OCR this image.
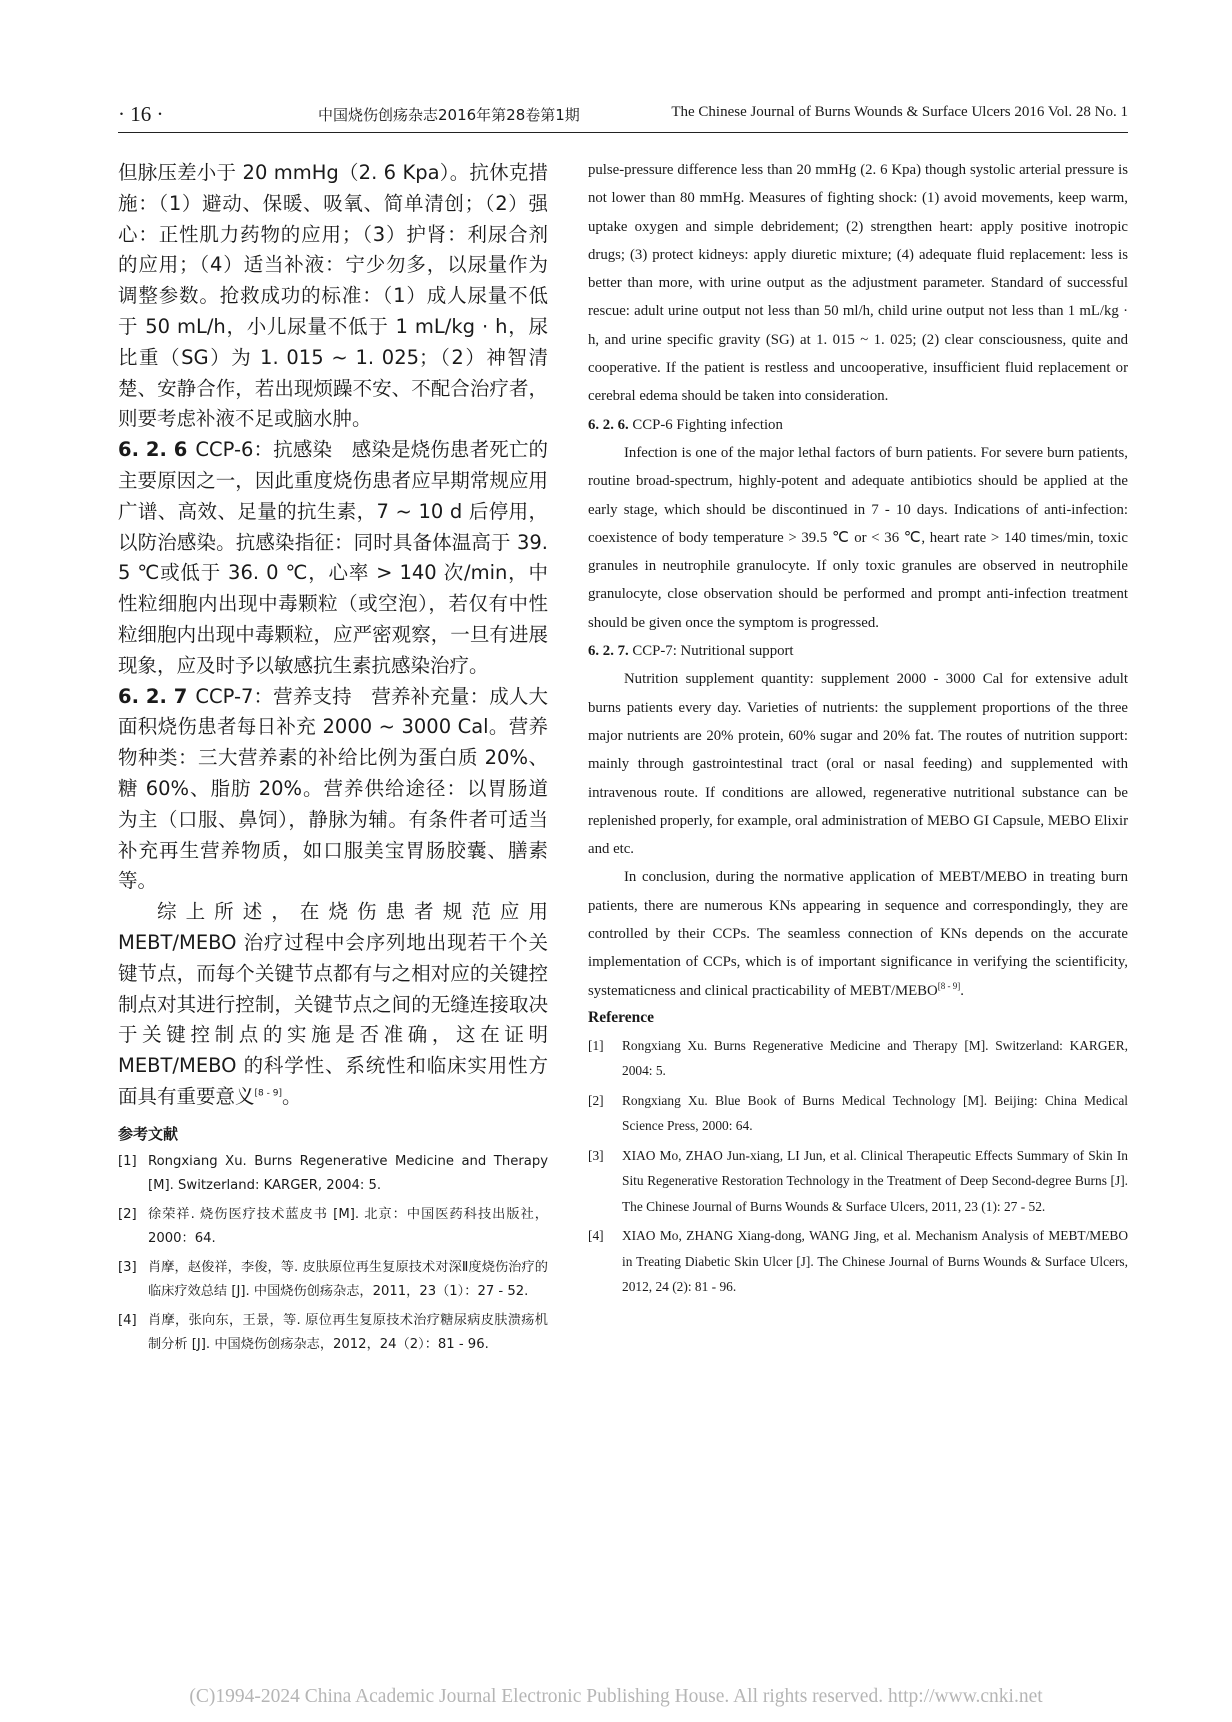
· 16 ·	中国烧伤创疡杂志2016年第28卷第1期	The Chinese Journal of Burns Wounds & Surface Ulcers 2016 Vol. 28 No. 1

但脉压差小于 20 mmHg（2. 6 Kpa）。抗休克措施：（1）避动、保暖、吸氧、简单清创；（2）强心：正性肌力药物的应用；（3）护肾：利尿合剂的应用；（4）适当补液：宁少勿多，以尿量作为调整参数。抢救成功的标准：（1）成人尿量不低于 50 mL/h，小儿尿量不低于 1 mL/kg · h，尿比重（SG）为 1. 015 ~ 1. 025；（2）神智清楚、安静合作，若出现烦躁不安、不配合治疗者，则要考虑补液不足或脑水肿。

6. 2. 6 CCP-6：抗感染　感染是烧伤患者死亡的主要原因之一，因此重度烧伤患者应早期常规应用广谱、高效、足量的抗生素，7 ~ 10 d 后停用，以防治感染。抗感染指征：同时具备体温高于 39. 5 ℃或低于 36. 0 ℃，心率 > 140 次/min，中性粒细胞内出现中毒颗粒（或空泡），若仅有中性粒细胞内出现中毒颗粒，应严密观察，一旦有进展现象，应及时予以敏感抗生素抗感染治疗。

6. 2. 7 CCP-7：营养支持　营养补充量：成人大面积烧伤患者每日补充 2000 ~ 3000 Cal。营养物种类：三大营养素的补给比例为蛋白质 20%、糖 60%、脂肪 20%。营养供给途径：以胃肠道为主（口服、鼻饲），静脉为辅。有条件者可适当补充再生营养物质，如口服美宝胃肠胶囊、膳素等。

综上所述，在烧伤患者规范应用 MEBT/MEBO 治疗过程中会序列地出现若干个关键节点，而每个关键节点都有与之相对应的关键控制点对其进行控制，关键节点之间的无缝连接取决于关键控制点的实施是否准确，这在证明 MEBT/MEBO 的科学性、系统性和临床实用性方面具有重要意义[8 - 9]。

参考文献
[1] Rongxiang Xu. Burns Regenerative Medicine and Therapy [M]. Switzerland: KARGER, 2004: 5.
[2] 徐荣祥. 烧伤医疗技术蓝皮书 [M]. 北京：中国医药科技出版社，2000：64.
[3] 肖摩，赵俊祥，李俊，等. 皮肤原位再生复原技术对深Ⅱ度烧伤治疗的临床疗效总结 [J]. 中国烧伤创疡杂志，2011，23（1）：27 - 52.
[4] 肖摩，张向东，王景，等. 原位再生复原技术治疗糖尿病皮肤溃疡机制分析 [J]. 中国烧伤创疡杂志，2012，24（2）：81 - 96.

pulse-pressure difference less than 20 mmHg (2. 6 Kpa) though systolic arterial pressure is not lower than 80 mmHg. Measures of fighting shock: (1) avoid movements, keep warm, uptake oxygen and simple debridement; (2) strengthen heart: apply positive inotropic drugs; (3) protect kidneys: apply diuretic mixture; (4) adequate fluid replacement: less is better than more, with urine output as the adjustment parameter. Standard of successful rescue: adult urine output not less than 50 ml/h, child urine output not less than 1 mL/kg · h, and urine specific gravity (SG) at 1. 015 ~ 1. 025; (2) clear consciousness, quite and cooperative. If the patient is restless and uncooperative, insufficient fluid replacement or cerebral edema should be taken into consideration.

6. 2. 6. CCP-6 Fighting infection

Infection is one of the major lethal factors of burn patients. For severe burn patients, routine broad-spectrum, highly-potent and adequate antibiotics should be applied at the early stage, which should be discontinued in 7 - 10 days. Indications of anti-infection: coexistence of body temperature > 39.5 ℃ or < 36 ℃, heart rate > 140 times/min, toxic granules in neutrophile granulocyte. If only toxic granules are observed in neutrophile granulocyte, close observation should be performed and prompt anti-infection treatment should be given once the symptom is progressed.

6. 2. 7. CCP-7: Nutritional support

Nutrition supplement quantity: supplement 2000 - 3000 Cal for extensive adult burns patients every day. Varieties of nutrients: the supplement proportions of the three major nutrients are 20% protein, 60% sugar and 20% fat. The routes of nutrition support: mainly through gastrointestinal tract (oral or nasal feeding) and supplemented with intravenous route. If conditions are allowed, regenerative nutritional substance can be replenished properly, for example, oral administration of MEBO GI Capsule, MEBO Elixir and etc.

In conclusion, during the normative application of MEBT/MEBO in treating burn patients, there are numerous KNs appearing in sequence and correspondingly, they are controlled by their CCPs. The seamless connection of KNs depends on the accurate implementation of CCPs, which is of important significance in verifying the scientificity, systematicness and clinical practicability of MEBT/MEBO[8 - 9].

Reference
[1] Rongxiang Xu. Burns Regenerative Medicine and Therapy [M]. Switzerland: KARGER, 2004: 5.
[2] Rongxiang Xu. Blue Book of Burns Medical Technology [M]. Beijing: China Medical Science Press, 2000: 64.
[3] XIAO Mo, ZHAO Jun-xiang, LI Jun, et al. Clinical Therapeutic Effects Summary of Skin In Situ Regenerative Restoration Technology in the Treatment of Deep Second-degree Burns [J]. The Chinese Journal of Burns Wounds & Surface Ulcers, 2011, 23 (1): 27 - 52.
[4] XIAO Mo, ZHANG Xiang-dong, WANG Jing, et al. Mechanism Analysis of MEBT/MEBO in Treating Diabetic Skin Ulcer [J]. The Chinese Journal of Burns Wounds & Surface Ulcers, 2012, 24 (2): 81 - 96.
(C)1994-2024 China Academic Journal Electronic Publishing House. All rights reserved. http://www.cnki.net
